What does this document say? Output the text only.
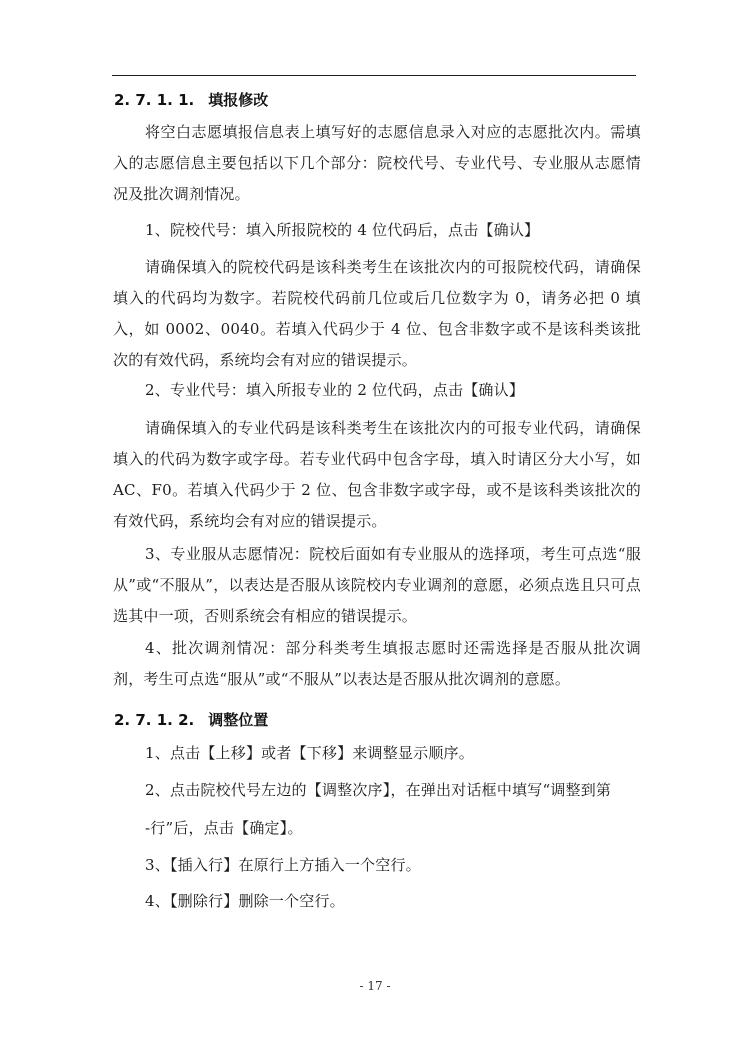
2. 7. 1. 1. 填报修改

将空白志愿填报信息表上填写好的志愿信息录入对应的志愿批次内。需填入的志愿信息主要包括以下几个部分：院校代号、专业代号、专业服从志愿情况及批次调剂情况。

1、院校代号：填入所报院校的 4 位代码后，点击【确认】

请确保填入的院校代码是该科类考生在该批次内的可报院校代码，请确保填入的代码均为数字。若院校代码前几位或后几位数字为 0，请务必把 0 填入，如 0002、0040。若填入代码少于 4 位、包含非数字或不是该科类该批次的有效代码，系统均会有对应的错误提示。

2、专业代号：填入所报专业的 2 位代码，点击【确认】

请确保填入的专业代码是该科类考生在该批次内的可报专业代码，请确保填入的代码为数字或字母。若专业代码中包含字母，填入时请区分大小写，如 AC、F0。若填入代码少于 2 位、包含非数字或字母，或不是该科类该批次的有效代码，系统均会有对应的错误提示。

3、专业服从志愿情况：院校后面如有专业服从的选择项，考生可点选“服从”或“不服从”，以表达是否服从该院校内专业调剂的意愿，必须点选且只可点选其中一项，否则系统会有相应的错误提示。

4、批次调剂情况：部分科类考生填报志愿时还需选择是否服从批次调剂，考生可点选“服从”或“不服从”以表达是否服从批次调剂的意愿。

2. 7. 1. 2. 调整位置
1、点击【上移】或者【下移】来调整显示顺序。
2、点击院校代号左边的【调整次序】，在弹出对话框中填写“调整到第
-行”后，点击【确定】。
3、【插入行】在原行上方插入一个空行。
4、【删除行】删除一个空行。
- 17 -
